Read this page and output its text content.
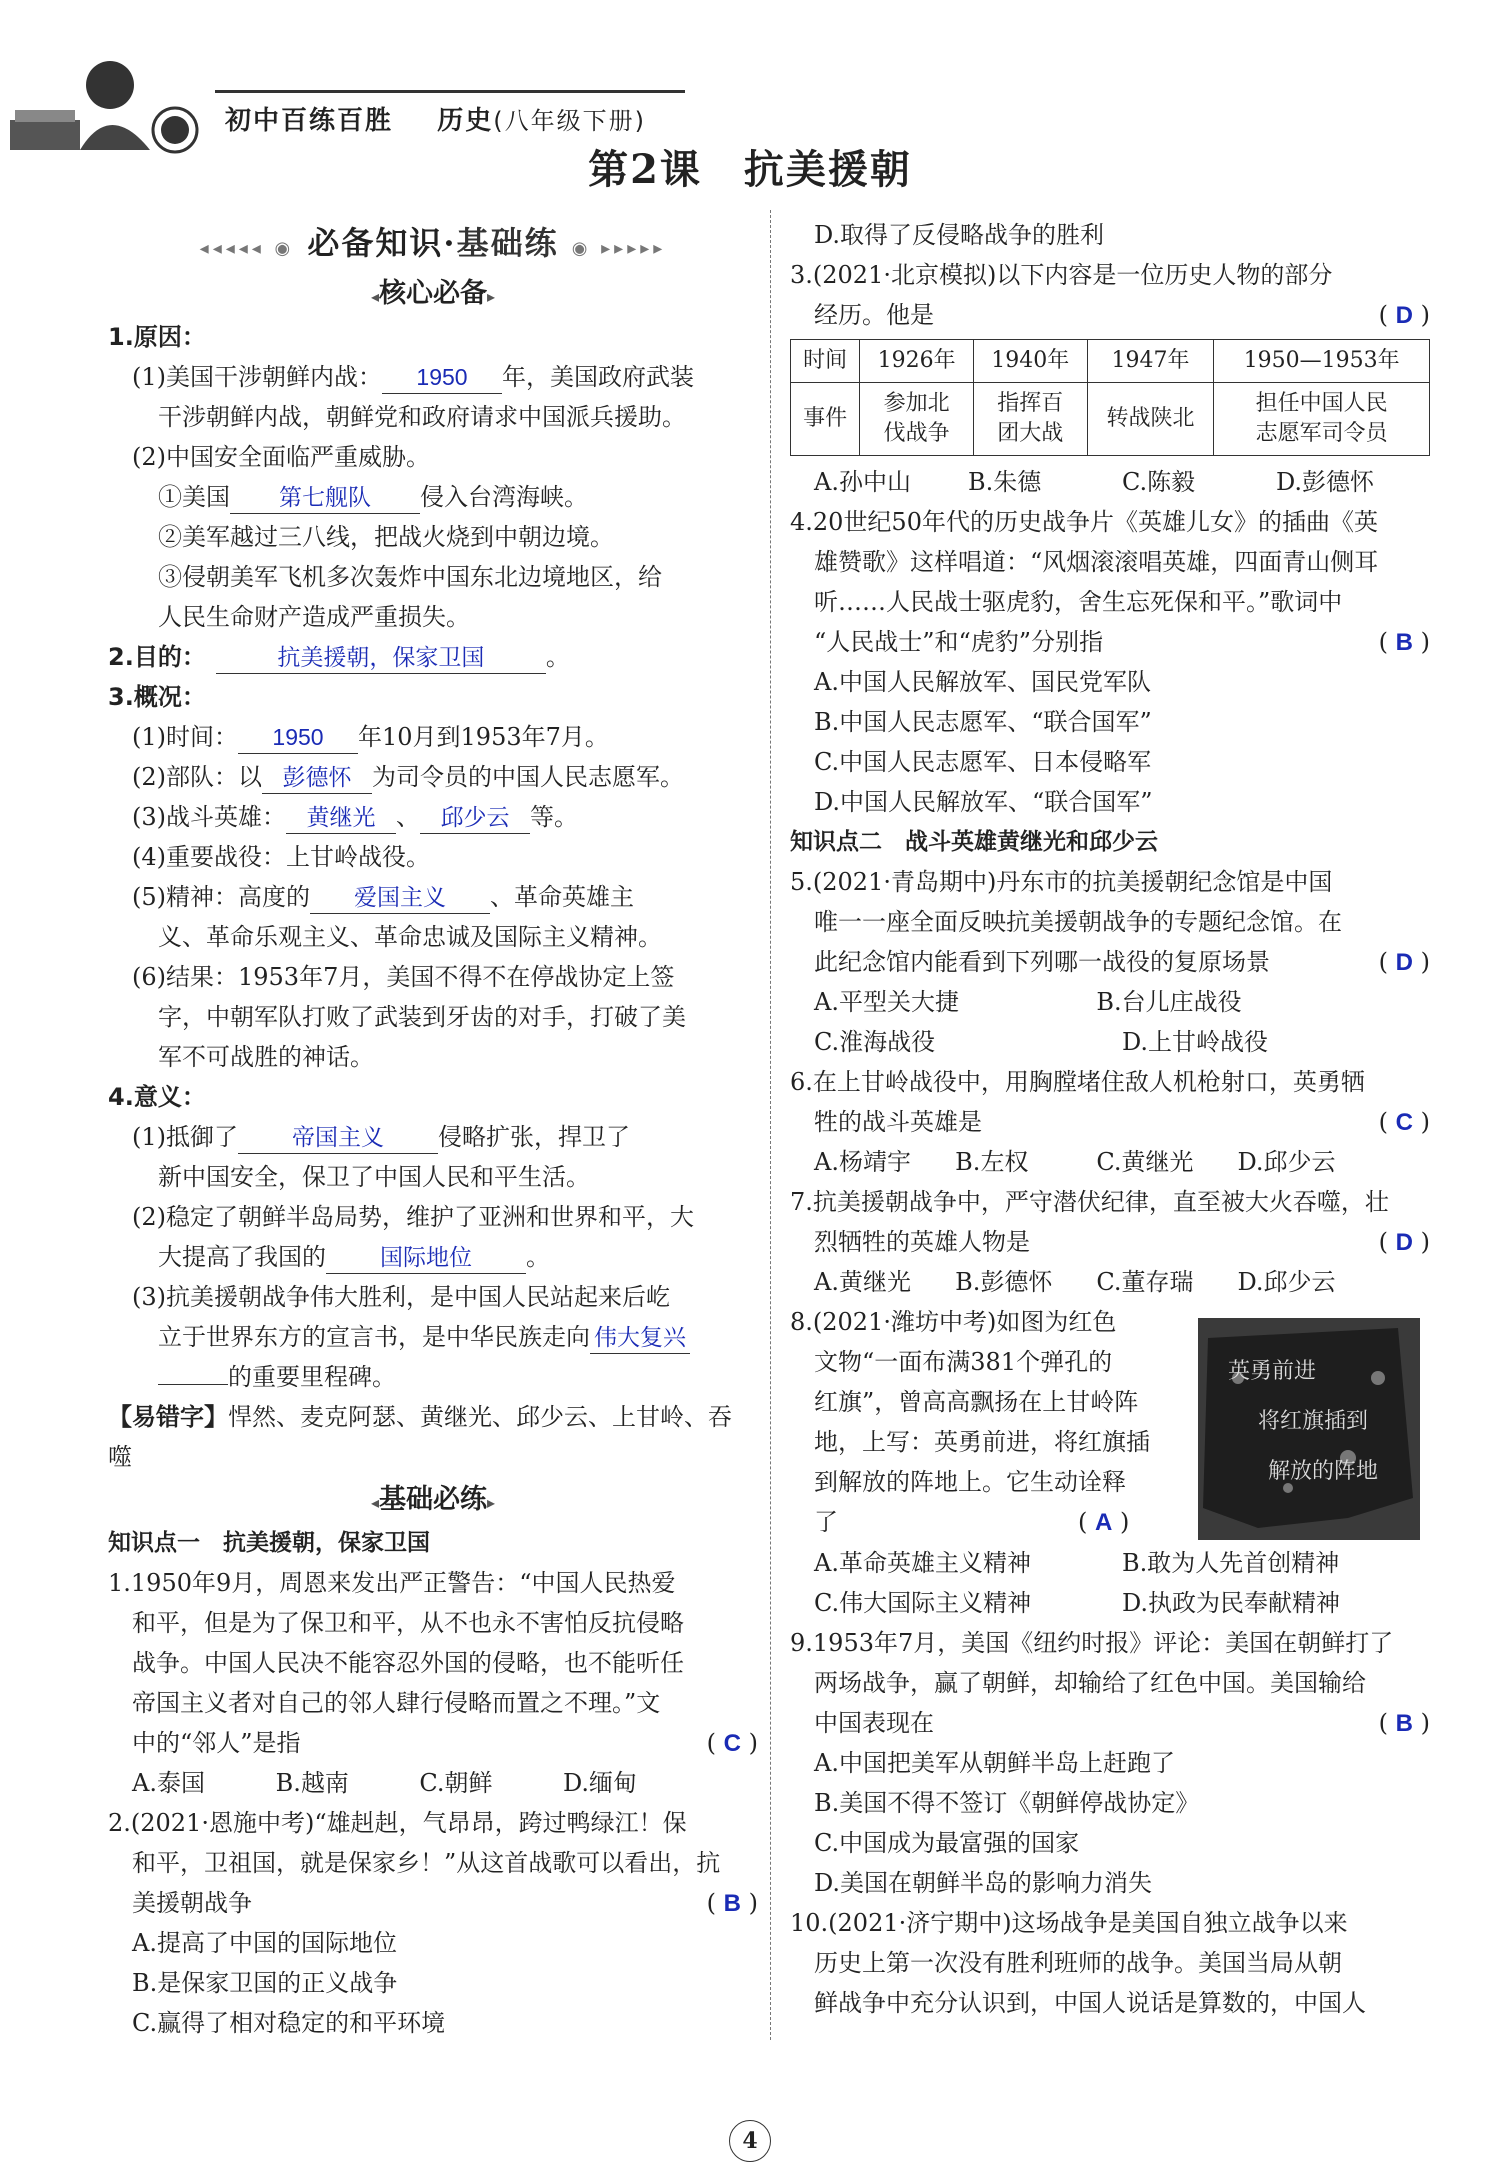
初中百练百胜 历史(八年级下册)
第2课　抗美援朝
◂◂◂◂◂ ◉ 必备知识·基础练 ◉ ▸▸▸▸▸
◂核心必备▸

1.原因：

(1)美国干涉朝鲜内战： 1950 年，美国政府武装

干涉朝鲜内战，朝鲜党和政府请求中国派兵援助。

(2)中国安全面临严重威胁。

①美国 第七舰队 侵入台湾海峡。

②美军越过三八线，把战火烧到中朝边境。

③侵朝美军飞机多次轰炸中国东北边境地区，给

人民生命财产造成严重损失。

2.目的：	抗美援朝，保家卫国	。

3.概况：

(1)时间： 1950 年10月到1953年7月。

(2)部队：以 彭德怀 为司令员的中国人民志愿军。

(3)战斗英雄： 黄继光 、 邱少云 等。

(4)重要战役：上甘岭战役。

(5)精神：高度的 爱国主义 、革命英雄主

义、革命乐观主义、革命忠诚及国际主义精神。

(6)结果：1953年7月，美国不得不在停战协定上签

字，中朝军队打败了武装到牙齿的对手，打破了美

军不可战胜的神话。

4.意义：

(1)抵御了 帝国主义 侵略扩张，捍卫了

新中国安全，保卫了中国人民和平生活。

(2)稳定了朝鲜半岛局势，维护了亚洲和世界和平，大

大提高了我国的 国际地位 。

(3)抗美援朝战争伟大胜利，是中国人民站起来后屹

立于世界东方的宣言书，是中华民族走向 伟大复兴

的重要里程碑。

【易错字】悍然、麦克阿瑟、黄继光、邱少云、上甘岭、吞

噬

◂基础必练▸

知识点一　抗美援朝，保家卫国

1.1950年9月，周恩来发出严正警告：“中国人民热爱

和平，但是为了保卫和平，从不也永不害怕反抗侵略

战争。中国人民决不能容忍外国的侵略，也不能听任

帝国主义者对自己的邻人肆行侵略而置之不理。”文

中的“邻人”是指	( C )

A.泰国	B.越南	C.朝鲜	D.缅甸

2.(2021·恩施中考)“雄赳赳，气昂昂，跨过鸭绿江！保

和平，卫祖国，就是保家乡！”从这首战歌可以看出，抗

美援朝战争	( B )

A.提高了中国的国际地位

B.是保家卫国的正义战争

C.赢得了相对稳定的和平环境

D.取得了反侵略战争的胜利

3.(2021·北京模拟)以下内容是一位历史人物的部分

经历。他是	( D )

时间	1926年	1940年	1947年	1950—1953年
事件	参加北
伐战争	指挥百
团大战	转战陕北	担任中国人民
志愿军司令员

A.孙中山	B.朱德	C.陈毅	D.彭德怀

4.20世纪50年代的历史战争片《英雄儿女》的插曲《英

雄赞歌》这样唱道：“风烟滚滚唱英雄，四面青山侧耳

听……人民战士驱虎豹，舍生忘死保和平。”歌词中

“人民战士”和“虎豹”分别指	( B )

A.中国人民解放军、国民党军队

B.中国人民志愿军、“联合国军”

C.中国人民志愿军、日本侵略军

D.中国人民解放军、“联合国军”

知识点二　战斗英雄黄继光和邱少云

5.(2021·青岛期中)丹东市的抗美援朝纪念馆是中国

唯一一座全面反映抗美援朝战争的专题纪念馆。在

此纪念馆内能看到下列哪一战役的复原场景	( D )

A.平型关大捷	B.台儿庄战役

C.淮海战役	D.上甘岭战役

6.在上甘岭战役中，用胸膛堵住敌人机枪射口，英勇牺

牲的战斗英雄是	( C )

A.杨靖宇	B.左权	C.黄继光	D.邱少云

7.抗美援朝战争中，严守潜伏纪律，直至被大火吞噬，壮

烈牺牲的英雄人物是	( D )

A.黄继光	B.彭德怀	C.董存瑞	D.邱少云

8.(2021·潍坊中考)如图为红色

文物“一面布满381个弹孔的

红旗”，曾高高飘扬在上甘岭阵

地，上写：英勇前进，将红旗插

到解放的阵地上。它生动诠释

了	( A )

A.革命英雄主义精神	B.敢为人先首创精神

C.伟大国际主义精神	D.执政为民奉献精神

9.1953年7月，美国《纽约时报》评论：美国在朝鲜打了

两场战争，赢了朝鲜，却输给了红色中国。美国输给

中国表现在	( B )

A.中国把美军从朝鲜半岛上赶跑了

B.美国不得不签订《朝鲜停战协定》

C.中国成为最富强的国家

D.美国在朝鲜半岛的影响力消失

10.(2021·济宁期中)这场战争是美国自独立战争以来

历史上第一次没有胜利班师的战争。美国当局从朝

鲜战争中充分认识到，中国人说话是算数的，中国人

英勇前进
将红旗插到
解放的阵地
4
